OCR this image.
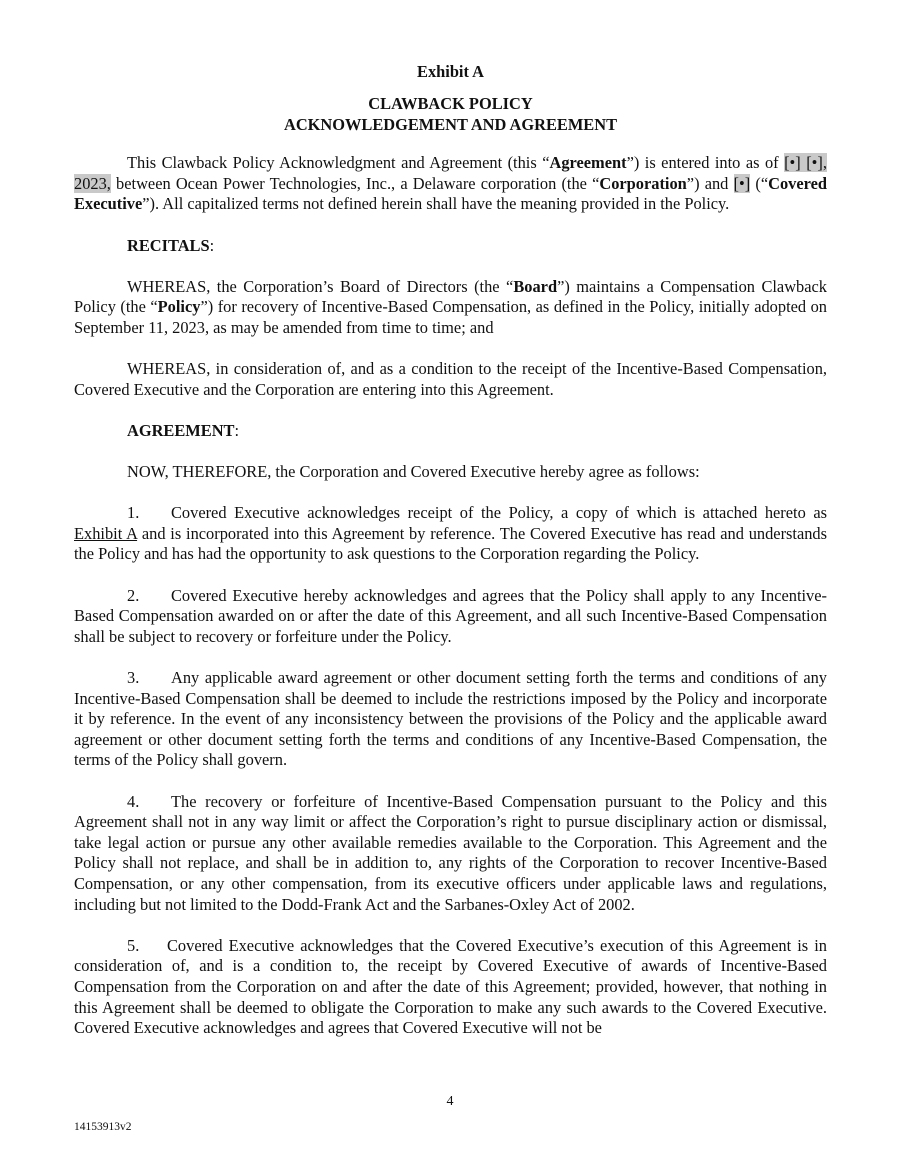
Exhibit A
CLAWBACK POLICY
ACKNOWLEDGEMENT AND AGREEMENT

This Clawback Policy Acknowledgment and Agreement (this “Agreement”) is entered into as of [•] [•], 2023, between Ocean Power Technologies, Inc., a Delaware corporation (the “Corporation”) and [•] (“Covered Executive”). All capitalized terms not defined herein shall have the meaning provided in the Policy.

RECITALS:

WHEREAS, the Corporation’s Board of Directors (the “Board”) maintains a Compensation Clawback Policy (the “Policy”) for recovery of Incentive-Based Compensation, as defined in the Policy, initially adopted on September 11, 2023, as may be amended from time to time; and

WHEREAS, in consideration of, and as a condition to the receipt of the Incentive-Based Compensation, Covered Executive and the Corporation are entering into this Agreement.

AGREEMENT:

NOW, THEREFORE, the Corporation and Covered Executive hereby agree as follows:

1. Covered Executive acknowledges receipt of the Policy, a copy of which is attached hereto as Exhibit A and is incorporated into this Agreement by reference. The Covered Executive has read and understands the Policy and has had the opportunity to ask questions to the Corporation regarding the Policy.

2. Covered Executive hereby acknowledges and agrees that the Policy shall apply to any Incentive-Based Compensation awarded on or after the date of this Agreement, and all such Incentive-Based Compensation shall be subject to recovery or forfeiture under the Policy.

3. Any applicable award agreement or other document setting forth the terms and conditions of any Incentive-Based Compensation shall be deemed to include the restrictions imposed by the Policy and incorporate it by reference. In the event of any inconsistency between the provisions of the Policy and the applicable award agreement or other document setting forth the terms and conditions of any Incentive-Based Compensation, the terms of the Policy shall govern.

4. The recovery or forfeiture of Incentive-Based Compensation pursuant to the Policy and this Agreement shall not in any way limit or affect the Corporation’s right to pursue disciplinary action or dismissal, take legal action or pursue any other available remedies available to the Corporation. This Agreement and the Policy shall not replace, and shall be in addition to, any rights of the Corporation to recover Incentive-Based Compensation, or any other compensation, from its executive officers under applicable laws and regulations, including but not limited to the Dodd-Frank Act and the Sarbanes-Oxley Act of 2002.

5. Covered Executive acknowledges that the Covered Executive’s execution of this Agreement is in consideration of, and is a condition to, the receipt by Covered Executive of awards of Incentive-Based Compensation from the Corporation on and after the date of this Agreement; provided, however, that nothing in this Agreement shall be deemed to obligate the Corporation to make any such awards to the Covered Executive. Covered Executive acknowledges and agrees that Covered Executive will not be

4
14153913v2
